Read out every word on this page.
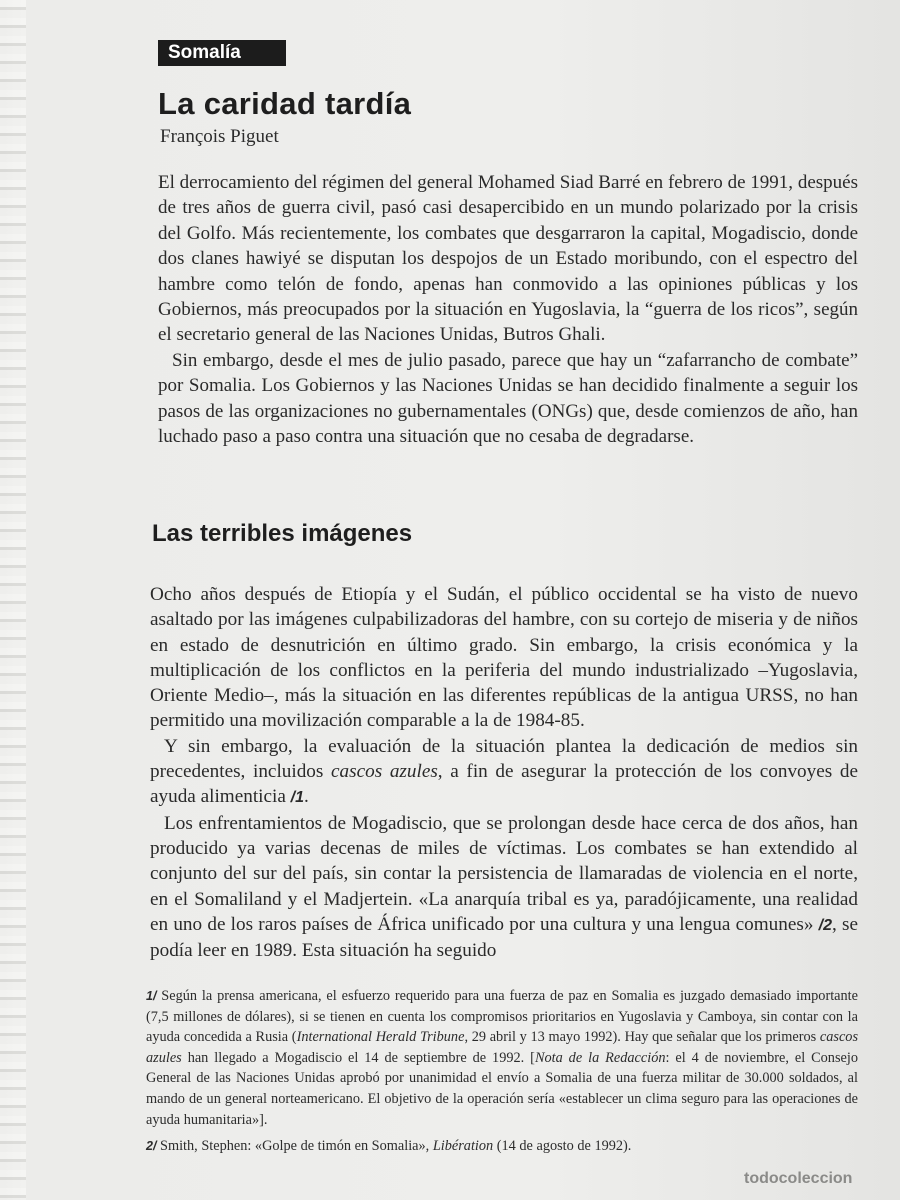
Somalía
La caridad tardía
François Piguet

El derrocamiento del régimen del general Mohamed Siad Barré en febrero de 1991, después de tres años de guerra civil, pasó casi desapercibido en un mundo polarizado por la crisis del Golfo. Más recientemente, los combates que desgarraron la capital, Mogadiscio, donde dos clanes hawiyé se disputan los despojos de un Estado moribundo, con el espectro del hambre como telón de fondo, apenas han conmovido a las opiniones públicas y los Gobiernos, más preocupados por la situación en Yugoslavia, la “guerra de los ricos”, según el secretario general de las Naciones Unidas, Butros Ghali.

Sin embargo, desde el mes de julio pasado, parece que hay un “zafarrancho de combate” por Somalia. Los Gobiernos y las Naciones Unidas se han decidido finalmente a seguir los pasos de las organizaciones no gubernamentales (ONGs) que, desde comienzos de año, han luchado paso a paso contra una situación que no cesaba de degradarse.

Las terribles imágenes

Ocho años después de Etiopía y el Sudán, el público occidental se ha visto de nuevo asaltado por las imágenes culpabilizadoras del hambre, con su cortejo de miseria y de niños en estado de desnutrición en último grado. Sin embargo, la crisis económica y la multiplicación de los conflictos en la periferia del mundo industrializado –Yugoslavia, Oriente Medio–, más la situación en las diferentes repúblicas de la antigua URSS, no han permitido una movilización comparable a la de 1984-85.

Y sin embargo, la evaluación de la situación plantea la dedicación de medios sin precedentes, incluidos cascos azules, a fin de asegurar la protección de los convoyes de ayuda alimenticia /1.

Los enfrentamientos de Mogadiscio, que se prolongan desde hace cerca de dos años, han producido ya varias decenas de miles de víctimas. Los combates se han extendido al conjunto del sur del país, sin contar la persistencia de llamaradas de violencia en el norte, en el Somaliland y el Madjertein. «La anarquía tribal es ya, paradójicamente, una realidad en uno de los raros países de África unificado por una cultura y una lengua comunes» /2, se podía leer en 1989. Esta situación ha seguido

1/ Según la prensa americana, el esfuerzo requerido para una fuerza de paz en Somalia es juzgado demasiado importante (7,5 millones de dólares), si se tienen en cuenta los compromisos prioritarios en Yugoslavia y Camboya, sin contar con la ayuda concedida a Rusia (International Herald Tribune, 29 abril y 13 mayo 1992). Hay que señalar que los primeros cascos azules han llegado a Mogadiscio el 14 de septiembre de 1992. [Nota de la Redacción: el 4 de noviembre, el Consejo General de las Naciones Unidas aprobó por unanimidad el envío a Somalia de una fuerza militar de 30.000 soldados, al mando de un general norteamericano. El objetivo de la operación sería «establecer un clima seguro para las operaciones de ayuda humanitaria»].

2/ Smith, Stephen: «Golpe de timón en Somalia», Libération (14 de agosto de 1992).

todocoleccion
